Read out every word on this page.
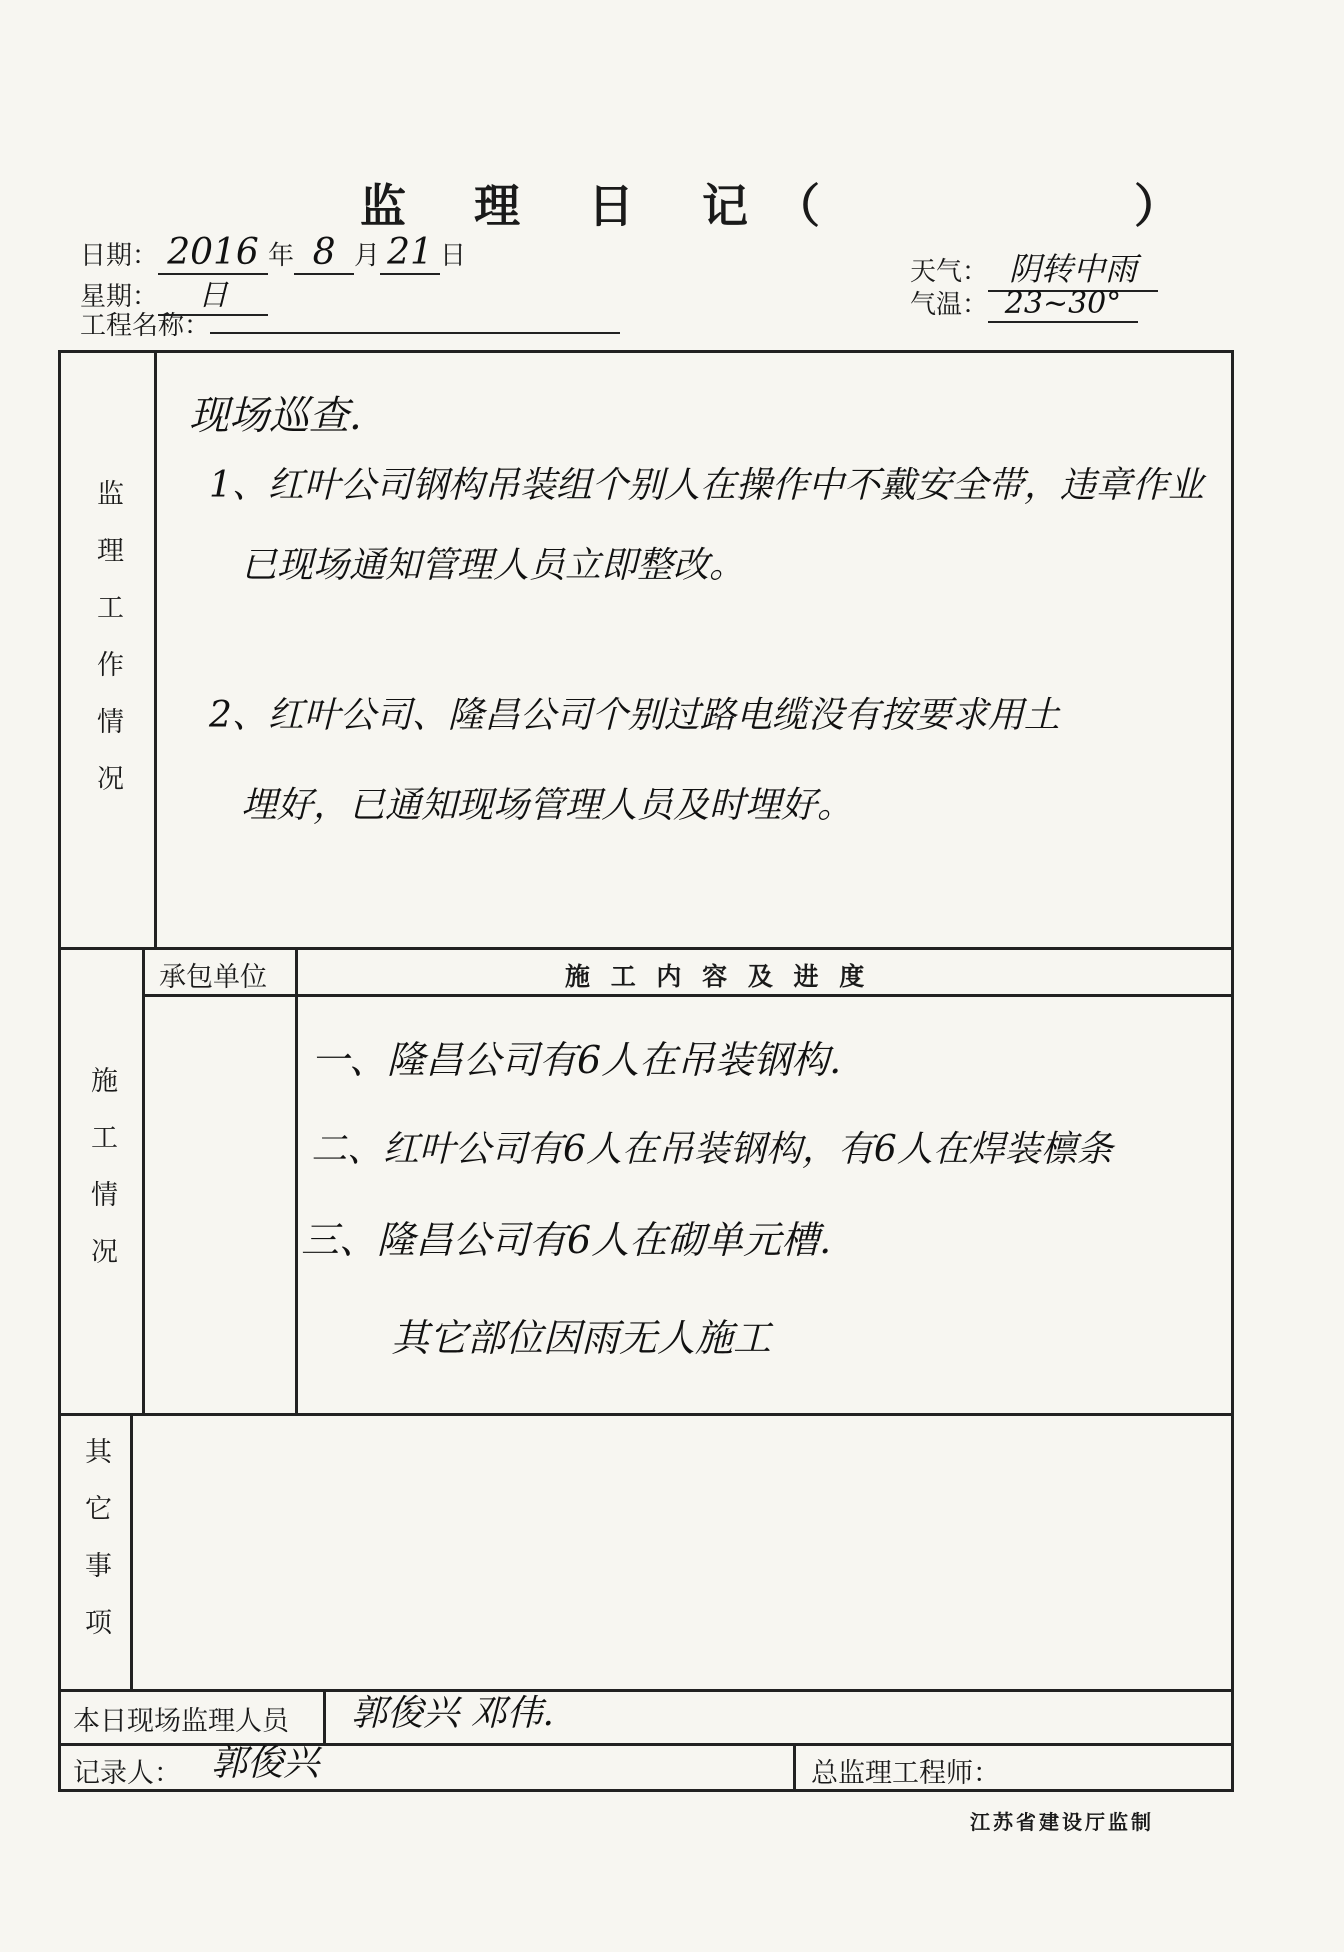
监 理 日 记（　　　　）
日期： 2016 年 8 月 21 日
星期： 日
工程名称：
天气： 阴转中雨
气温： 23~30°
监理工作情况
现场巡查.
1、红叶公司钢构吊装组个别人在操作中不戴安全带，违章作业
已现场通知管理人员立即整改。
2、红叶公司、隆昌公司个别过路电缆没有按要求用土
埋好，已通知现场管理人员及时埋好。
施工情况
承包单位	施 工 内 容 及 进 度
一、隆昌公司有6人在吊装钢构.
二、红叶公司有6人在吊装钢构，有6人在焊装檩条
三、隆昌公司有6人在砌单元槽.
其它部位因雨无人施工
其它事项
本日现场监理人员 郭俊兴 邓伟.
记录人： 郭俊兴	总监理工程师：
江苏省建设厅监制
